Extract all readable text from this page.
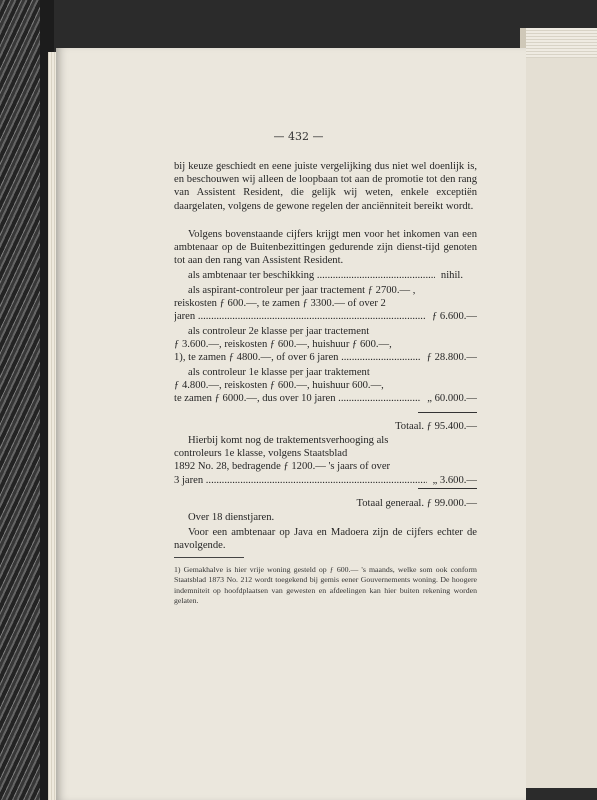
— 432 —

bij keuze geschiedt en eene juiste vergelijking dus niet wel doenlijk is, en beschouwen wij alleen de loopbaan tot aan de promotie tot den rang van Assistent Resident, die gelijk wij weten, enkele exceptiën daargelaten, volgens de gewone regelen der anciënniteit bereikt wordt.

Volgens bovenstaande cijfers krijgt men voor het inkomen van een ambtenaar op de Buitenbezittingen gedurende zijn dienst-tijd genoten tot aan den rang van Assistent Resident.

als ambtenaar ter beschikking .....	nihil.
als aspirant-controleur per jaar tractement ƒ 2700.— ,
reiskosten ƒ 600.—, te zamen ƒ 3300.— of over 2
jaren .....	ƒ 6.600.—
als controleur 2e klasse per jaar tractement
ƒ 3.600.—, reiskosten ƒ 600.—, huishuur ƒ 600.—,
1), te zamen ƒ 4800.—, of over 6 jaren .....	ƒ 28.800.—
als controleur 1e klasse per jaar traktement
ƒ 4.800.—, reiskosten ƒ 600.—, huishuur 600.—,
te zamen ƒ 6000.—, dus over 10 jaren .....	„ 60.000.—
Totaal. ƒ 95.400.—
Hierbij komt nog de traktementsverhooging als
controleurs 1e klasse, volgens Staatsblad
1892 No. 28, bedragende ƒ 1200.— 's jaars of over
3 jaren .....	„ 3.600.—
Totaal generaal. ƒ 99.000.—
Over 18 dienstjaren.

Voor een ambtenaar op Java en Madoera zijn de cijfers echter de navolgende.

1) Gemakhalve is hier vrije woning gesteld op ƒ 600.— 's maands, welke som ook conform Staatsblad 1873 No. 212 wordt toegekend bij gemis eener Gouvernements woning. De hoogere indemniteit op hoofdplaatsen van gewesten en afdeelingen kan hier buiten rekening worden gelaten.
